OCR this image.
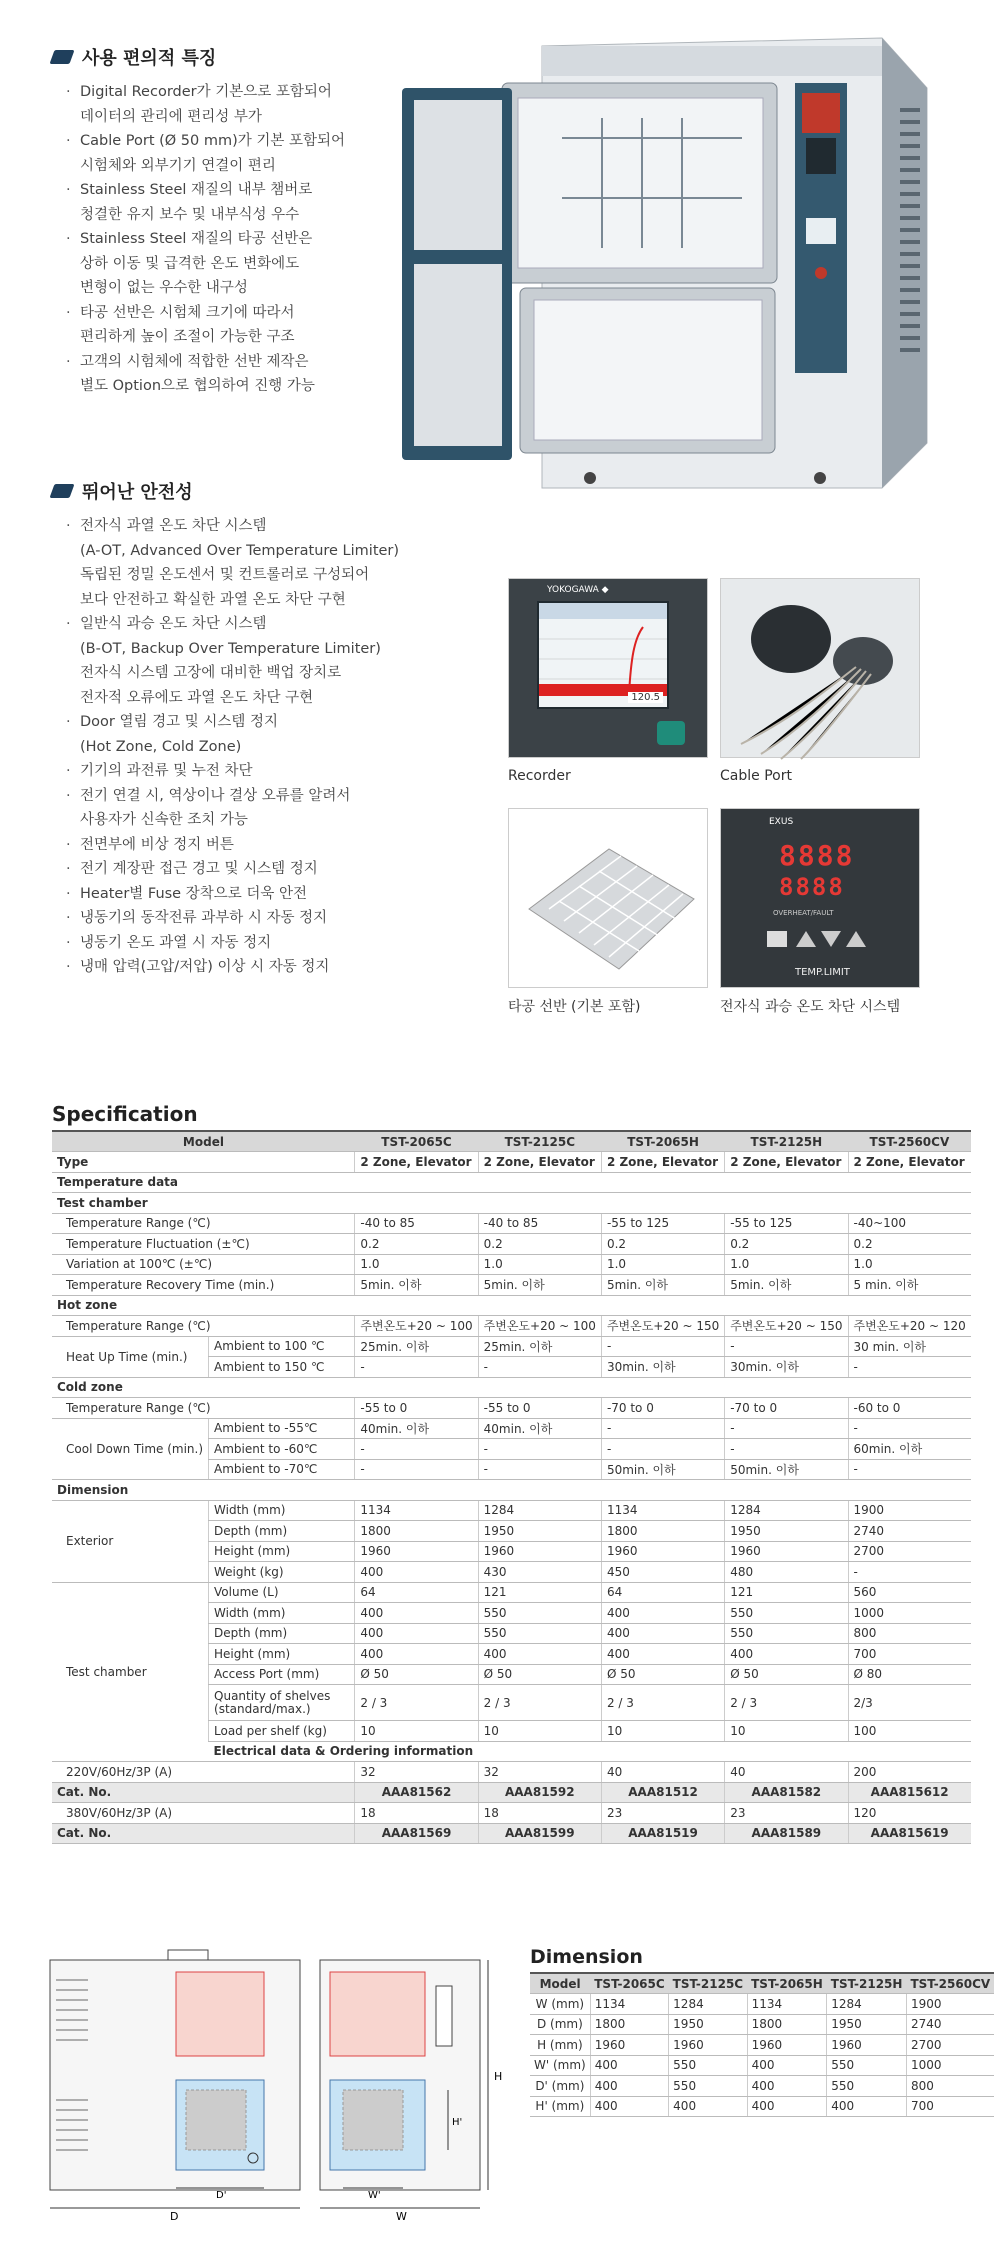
사용 편의적 특징
· Digital Recorder가 기본으로 포함되어
데이터의 관리에 편리성 부가
· Cable Port (Ø 50 mm)가 기본 포함되어
시험체와 외부기기 연결이 편리
· Stainless Steel 재질의 내부 챔버로
청결한 유지 보수 및 내부식성 우수
· Stainless Steel 재질의 타공 선반은
상하 이동 및 급격한 온도 변화에도
변형이 없는 우수한 내구성
· 타공 선반은 시험체 크기에 따라서
편리하게 높이 조절이 가능한 구조
· 고객의 시험체에 적합한 선반 제작은
별도 Option으로 협의하여 진행 가능
뛰어난 안전성
· 전자식 과열 온도 차단 시스템
(A-OT, Advanced Over Temperature Limiter)
독립된 정밀 온도센서 및 컨트롤러로 구성되어
보다 안전하고 확실한 과열 온도 차단 구현
· 일반식 과승 온도 차단 시스템
(B-OT, Backup Over Temperature Limiter)
전자식 시스템 고장에 대비한 백업 장치로
전자적 오류에도 과열 온도 차단 구현
· Door 열림 경고 및 시스템 정지
(Hot Zone, Cold Zone)
· 기기의 과전류 및 누전 차단
· 전기 연결 시, 역상이나 결상 오류를 알려서
사용자가 신속한 조치 가능
· 전면부에 비상 정지 버튼
· 전기 계장판 접근 경고 및 시스템 정지
· Heater별 Fuse 장착으로 더욱 안전
· 냉동기의 동작전류 과부하 시 자동 정지
· 냉동기 온도 과열 시 자동 정지
· 냉매 압력(고압/저압) 이상 시 자동 정지
YOKOGAWA ◆
120.5
Recorder	Cable Port
타공 선반 (기본 포함)
EXUS
8888
8888
OVERHEAT/FAULT
TEMP.LIMIT
전자식 과승 온도 차단 시스템
Specification
Model		TST-2065C	TST-2125C	TST-2065H	TST-2125H	TST-2560CV
Type		2 Zone, Elevator	2 Zone, Elevator	2 Zone, Elevator	2 Zone, Elevator	2 Zone, Elevator
Temperature data						
Test chamber						
Temperature Range (℃)		-40 to 85	-40 to 85	-55 to 125	-55 to 125	-40~100
Temperature Fluctuation (±℃)		0.2	0.2	0.2	0.2	0.2
Variation at 100℃ (±℃)		1.0	1.0	1.0	1.0	1.0
Temperature Recovery Time (min.)		5min. 이하	5min. 이하	5min. 이하	5min. 이하	5 min. 이하
Hot zone						
Temperature Range (℃)		주변온도+20 ~ 100	주변온도+20 ~ 100	주변온도+20 ~ 150	주변온도+20 ~ 150	주변온도+20 ~ 120
Heat Up Time (min.)	Ambient to 100 ℃	25min. 이하	25min. 이하	-	-	30 min. 이하
	Ambient to 150 ℃	-	-	30min. 이하	30min. 이하	-
Cold zone						
Temperature Range (℃)		-55 to 0	-55 to 0	-70 to 0	-70 to 0	-60 to 0
Cool Down Time (min.)	Ambient to -55℃	40min. 이하	40min. 이하	-	-	-
	Ambient to -60℃	-	-	-	-	60min. 이하
	Ambient to -70℃	-	-	50min. 이하	50min. 이하	-
Dimension						
Exterior	Width (mm)	1134	1284	1134	1284	1900
	Depth (mm)	1800	1950	1800	1950	2740
	Height (mm)	1960	1960	1960	1960	2700
	Weight (kg)	400	430	450	480	-
Test chamber	Volume (L)	64	121	64	121	560
	Width (mm)	400	550	400	550	1000
	Depth (mm)	400	550	400	550	800
	Height (mm)	400	400	400	400	700
	Access Port (mm)	Ø 50	Ø 50	Ø 50	Ø 50	Ø 80
	Quantity of shelves (standard/max.)	2 / 3	2 / 3	2 / 3	2 / 3	2/3
	Load per shelf (kg)	10	10	10	10	100
	Electrical data & Ordering information					
220V/60Hz/3P (A)		32	32	40	40	200
Cat. No.		AAA81562	AAA81592	AAA81512	AAA81582	AAA815612
380V/60Hz/3P (A)		18	18	23	23	120
Cat. No.		AAA81569	AAA81599	AAA81519	AAA81589	AAA815619
D
D'
W
W'
H
H'
Dimension
Model	TST-2065C	TST-2125C	TST-2065H	TST-2125H	TST-2560CV
W (mm)	1134	1284	1134	1284	1900
D (mm)	1800	1950	1800	1950	2740
H (mm)	1960	1960	1960	1960	2700
W' (mm)	400	550	400	550	1000
D' (mm)	400	550	400	550	800
H' (mm)	400	400	400	400	700
